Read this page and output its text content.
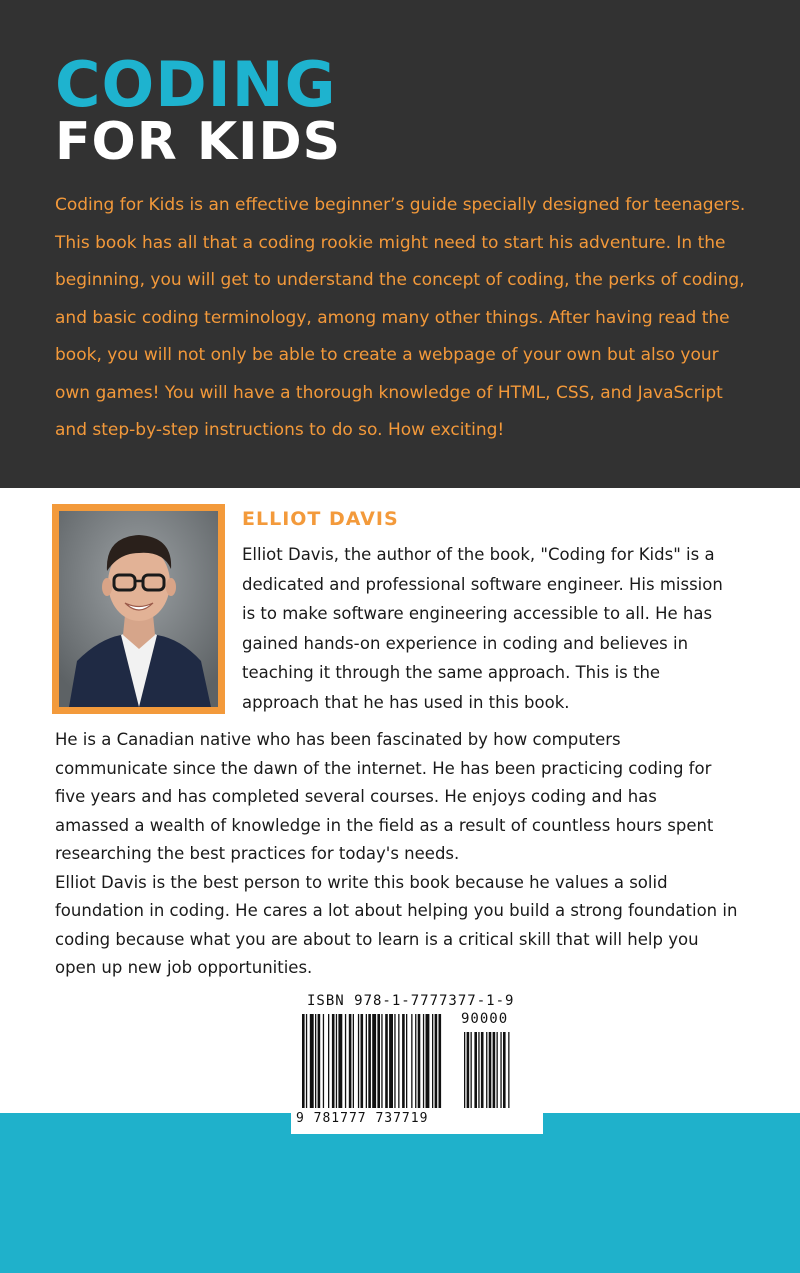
CODING
FOR KIDS
Coding for Kids is an effective beginner’s guide specially designed for teenagers.
This book has all that a coding rookie might need to start his adventure. In the
beginning, you will get to understand the concept of coding, the perks of coding,
and basic coding terminology, among many other things. After having read the
book, you will not only be able to create a webpage of your own but also your
own games! You will have a thorough knowledge of HTML, CSS, and JavaScript
and step-by-step instructions to do so. How exciting!
ELLIOT DAVIS
Elliot Davis, the author of the book, "Coding for Kids" is a
dedicated and professional software engineer. His mission
is to make software engineering accessible to all. He has
gained hands-on experience in coding and believes in
teaching it through the same approach. This is the
approach that he has used in this book.
He is a Canadian native who has been fascinated by how computers
communicate since the dawn of the internet. He has been practicing coding for
five years and has completed several courses. He enjoys coding and has
amassed a wealth of knowledge in the field as a result of countless hours spent
researching the best practices for today's needs.
Elliot Davis is the best person to write this book because he values a solid
foundation in coding. He cares a lot about helping you build a strong foundation in
coding because what you are about to learn is a critical skill that will help you
open up new job opportunities.
ISBN 978-1-7777377-1-9
90000
9 781777 737719
